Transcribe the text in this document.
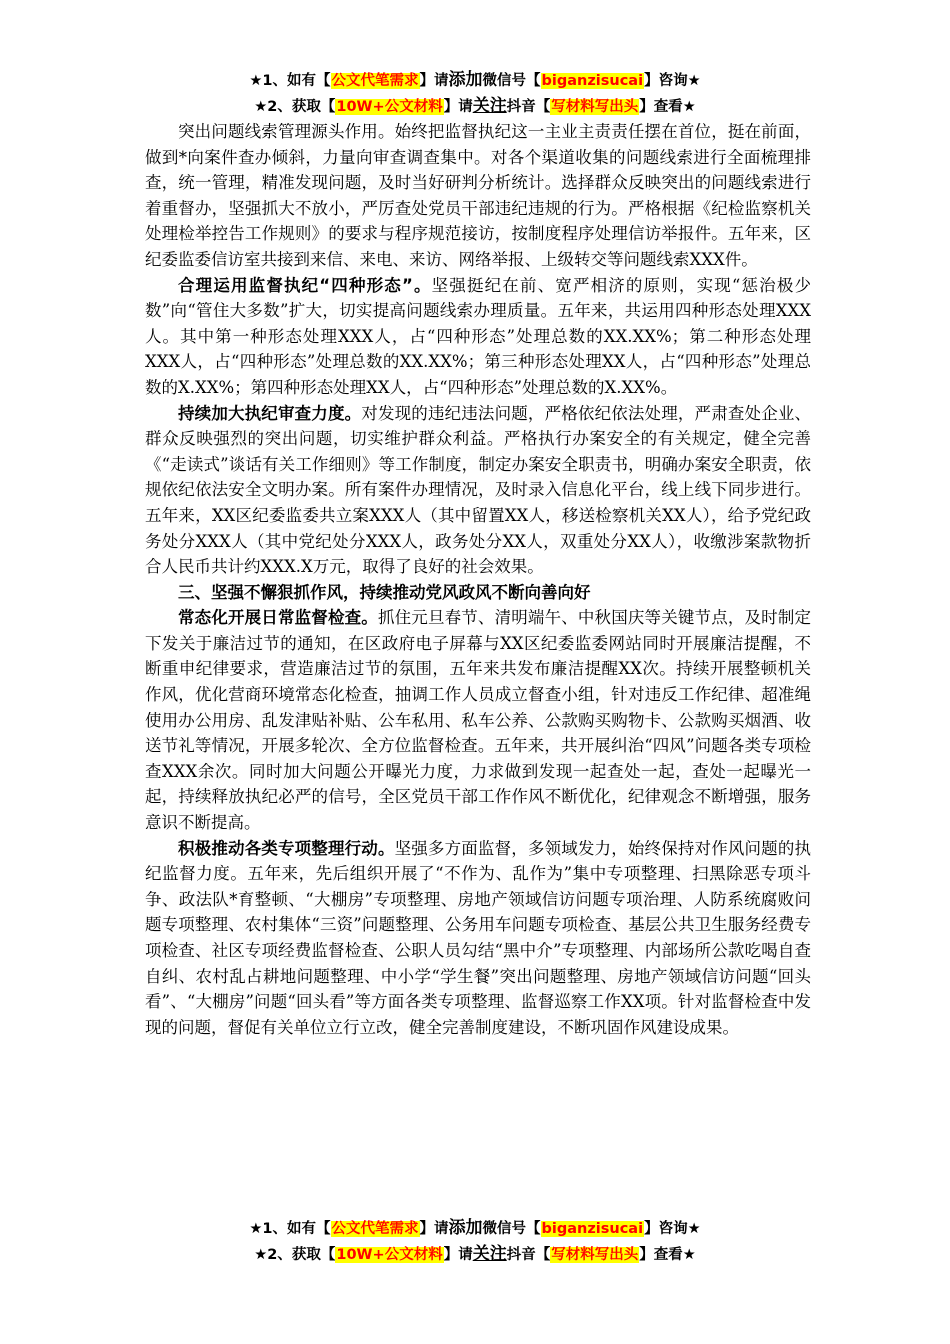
★1、如有【公文代笔需求】请添加微信号【biganzisucai】咨询★
★2、获取【10W+公文材料】请关注抖音【写材料写出头】查看★

突出问题线索管理源头作用。始终把监督执纪这一主业主责责任摆在首位，挺在前面，做到*向案件查办倾斜，力量向审查调查集中。对各个渠道收集的问题线索进行全面梳理排查，统一管理，精准发现问题，及时当好研判分析统计。选择群众反映突出的问题线索进行着重督办，坚强抓大不放小，严厉查处党员干部违纪违规的行为。严格根据《纪检监察机关处理检举控告工作规则》的要求与程序规范接访，按制度程序处理信访举报件。五年来，区纪委监委信访室共接到来信、来电、来访、网络举报、上级转交等问题线索XXX件。

合理运用监督执纪“四种形态”。坚强挺纪在前、宽严相济的原则，实现“惩治极少数”向“管住大多数”扩大，切实提高问题线索办理质量。五年来，共运用四种形态处理XXX人。其中第一种形态处理XXX人，占“四种形态”处理总数的XX.XX%；第二种形态处理XXX人，占“四种形态”处理总数的XX.XX%；第三种形态处理XX人，占“四种形态”处理总数的X.XX%；第四种形态处理XX人，占“四种形态”处理总数的X.XX%。

持续加大执纪审查力度。对发现的违纪违法问题，严格依纪依法处理，严肃查处企业、群众反映强烈的突出问题，切实维护群众利益。严格执行办案安全的有关规定，健全完善《“走读式”谈话有关工作细则》等工作制度，制定办案安全职责书，明确办案安全职责，依规依纪依法安全文明办案。所有案件办理情况，及时录入信息化平台，线上线下同步进行。五年来，XX区纪委监委共立案XXX人（其中留置XX人，移送检察机关XX人），给予党纪政务处分XXX人（其中党纪处分XXX人，政务处分XX人，双重处分XX人），收缴涉案款物折合人民币共计约XXX.X万元，取得了良好的社会效果。

三、坚强不懈狠抓作风，持续推动党风政风不断向善向好

常态化开展日常监督检查。抓住元旦春节、清明端午、中秋国庆等关键节点，及时制定下发关于廉洁过节的通知，在区政府电子屏幕与XX区纪委监委网站同时开展廉洁提醒，不断重申纪律要求，营造廉洁过节的氛围，五年来共发布廉洁提醒XX次。持续开展整顿机关作风，优化营商环境常态化检查，抽调工作人员成立督查小组，针对违反工作纪律、超准绳使用办公用房、乱发津贴补贴、公车私用、私车公养、公款购买购物卡、公款购买烟酒、收送节礼等情况，开展多轮次、全方位监督检查。五年来，共开展纠治“四风”问题各类专项检查XXX余次。同时加大问题公开曝光力度，力求做到发现一起查处一起，查处一起曝光一起，持续释放执纪必严的信号，全区党员干部工作作风不断优化，纪律观念不断增强，服务意识不断提高。

积极推动各类专项整理行动。坚强多方面监督，多领域发力，始终保持对作风问题的执纪监督力度。五年来，先后组织开展了“不作为、乱作为”集中专项整理、扫黑除恶专项斗争、政法队*育整顿、“大棚房”专项整理、房地产领域信访问题专项治理、人防系统腐败问题专项整理、农村集体“三资”问题整理、公务用车问题专项检查、基层公共卫生服务经费专项检查、社区专项经费监督检查、公职人员勾结“黑中介”专项整理、内部场所公款吃喝自查自纠、农村乱占耕地问题整理、中小学“学生餐”突出问题整理、房地产领域信访问题“回头看”、“大棚房”问题“回头看”等方面各类专项整理、监督巡察工作XX项。针对监督检查中发现的问题，督促有关单位立行立改，健全完善制度建设，不断巩固作风建设成果。

★1、如有【公文代笔需求】请添加微信号【biganzisucai】咨询★
★2、获取【10W+公文材料】请关注抖音【写材料写出头】查看★
